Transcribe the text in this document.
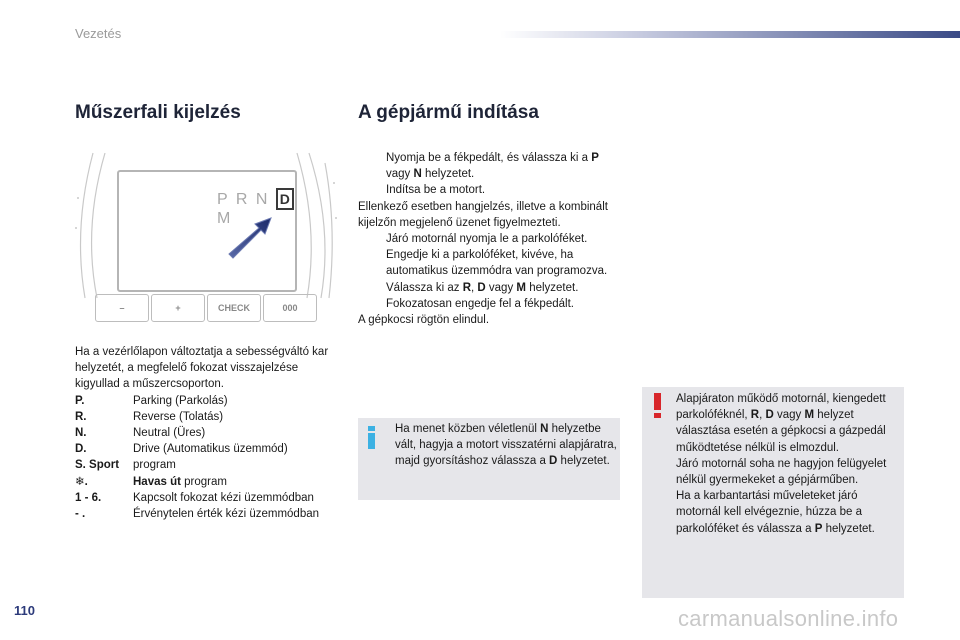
Vezetés
Műszerfali kijelzés	A gépjármű indítása
P R N D M
–	+	CHECK	000
Ha a vezérlőlapon változtatja a sebességváltó kar helyzetét, a megfelelő fokozat visszajelzése kigyullad a műszercsoporton.
P.	Parking (Parkolás)
R.	Reverse (Tolatás)
N.	Neutral (Üres)
D.	Drive (Automatikus üzemmód)
S. Sport	program
❄.	Havas út program
1 - 6.	Kapcsolt fokozat kézi üzemmódban
- .	Érvénytelen érték kézi üzemmódban
Nyomja be a fékpedált, és válassza ki a P
vagy N helyzetet.
Indítsa be a motort.
Ellenkező esetben hangjelzés, illetve a kombinált kijelzőn megjelenő üzenet figyelmezteti.
Járó motornál nyomja le a parkolóféket.
Engedje ki a parkolóféket, kivéve, ha automatikus üzemmódra van programozva.
Válassza ki az R, D vagy M helyzetet.
Fokozatosan engedje fel a fékpedált.
A gépkocsi rögtön elindul.
Ha menet közben véletlenül N helyzetbe vált, hagyja a motort visszatérni alapjáratra, majd gyorsításhoz válassza a D helyzetet.
Alapjáraton működő motornál, kiengedett parkolóféknél, R, D vagy M helyzet választása esetén a gépkocsi a gázpedál működtetése nélkül is elmozdul.
Járó motornál soha ne hagyjon felügyelet nélkül gyermekeket a gépjárműben.
Ha a karbantartási műveleteket járó motornál kell elvégeznie, húzza be a parkolóféket és válassza a P helyzetet.
110	carmanualsonline.info
